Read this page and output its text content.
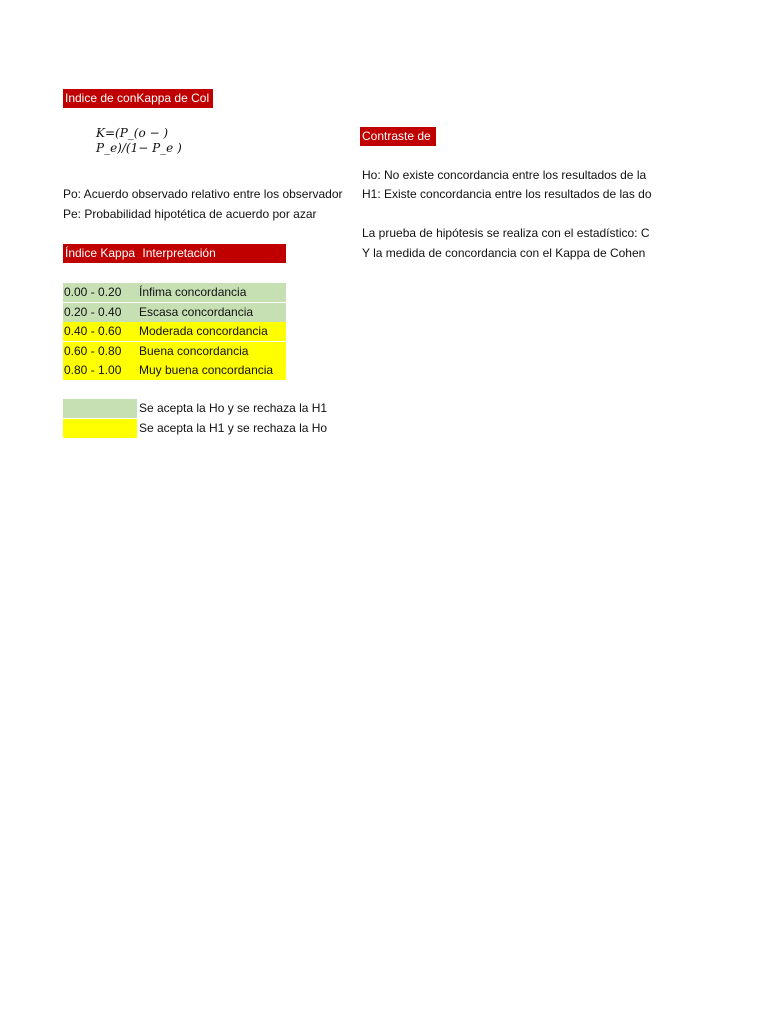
Indice de conKappa de Col
K=(P_(o − )
P_e)/(1− P_e )
Po: Acuerdo observado relativo entre los observador
Pe: Probabilidad hipotética de acuerdo por azar
Índice Kappa Interpretación
0.00 - 0.20	Ínfima concordancia
0.20 - 0.40	Escasa concordancia
0.40 - 0.60	Moderada concordancia
0.60 - 0.80	Buena concordancia
0.80 - 1.00	Muy buena concordancia
Se acepta la Ho y se rechaza la H1
Se acepta la H1 y se rechaza la Ho
Contraste de
Ho: No existe concordancia entre los resultados de la
H1: Existe concordancia entre los resultados de las do
La prueba de hipótesis se realiza con el estadístico: C
Y la medida de concordancia con el Kappa de Cohen
